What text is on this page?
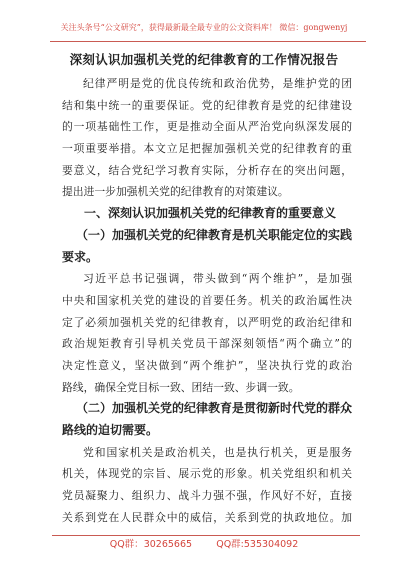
关注头条号“公文研究”，获得最新最全最专业的公文资料库！ 微信：gongwenyj
深刻认识加强机关党的纪律教育的工作情况报告
纪律严明是党的优良传统和政治优势，是维护党的团
结和集中统一的重要保证。党的纪律教育是党的纪律建设
的一项基础性工作，更是推动全面从严治党向纵深发展的
一项重要举措。本文立足把握加强机关党的纪律教育的重
要意义，结合党纪学习教育实际，分析存在的突出问题，
提出进一步加强机关党的纪律教育的对策建议。
一、深刻认识加强机关党的纪律教育的重要意义
（一）加强机关党的纪律教育是机关职能定位的实践
要求。
习近平总书记强调，带头做到“两个维护”，是加强
中央和国家机关党的建设的首要任务。机关的政治属性决
定了必须加强机关党的纪律教育，以严明党的政治纪律和
政治规矩教育引导机关党员干部深刻领悟“两个确立”的
决定性意义，坚决做到“两个维护”，坚决执行党的政治
路线，确保全党目标一致、团结一致、步调一致。
（二）加强机关党的纪律教育是贯彻新时代党的群众
路线的迫切需要。
党和国家机关是政治机关，也是执行机关，更是服务
机关，体现党的宗旨、展示党的形象。机关党组织和机关
党员凝聚力、组织力、战斗力强不强，作风好不好，直接
关系到党在人民群众中的威信，关系到党的执政地位。加
QQ群：30265665	QQ群:535304092
